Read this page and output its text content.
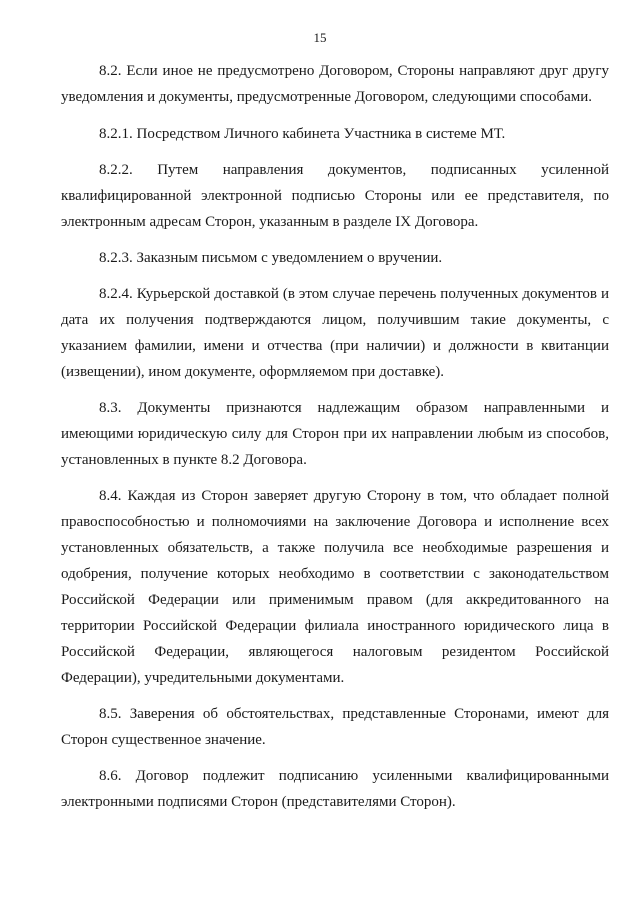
15

8.2. Если иное не предусмотрено Договором, Стороны направляют друг другу уведомления и документы, предусмотренные Договором, следующими способами.

8.2.1. Посредством Личного кабинета Участника в системе МТ.

8.2.2. Путем направления документов, подписанных усиленной квалифицированной электронной подписью Стороны или ее представителя, по электронным адресам Сторон, указанным в разделе IX Договора.

8.2.3. Заказным письмом с уведомлением о вручении.

8.2.4. Курьерской доставкой (в этом случае перечень полученных документов и дата их получения подтверждаются лицом, получившим такие документы, с указанием фамилии, имени и отчества (при наличии) и должности в квитанции (извещении), ином документе, оформляемом при доставке).

8.3. Документы признаются надлежащим образом направленными и имеющими юридическую силу для Сторон при их направлении любым из способов, установленных в пункте 8.2 Договора.

8.4. Каждая из Сторон заверяет другую Сторону в том, что обладает полной правоспособностью и полномочиями на заключение Договора и исполнение всех установленных обязательств, а также получила все необходимые разрешения и одобрения, получение которых необходимо в соответствии с законодательством Российской Федерации или применимым правом (для аккредитованного на территории Российской Федерации филиала иностранного юридического лица в Российской Федерации, являющегося налоговым резидентом Российской Федерации), учредительными документами.

8.5. Заверения об обстоятельствах, представленные Сторонами, имеют для Сторон существенное значение.

8.6. Договор подлежит подписанию усиленными квалифицированными электронными подписями Сторон (представителями Сторон).
